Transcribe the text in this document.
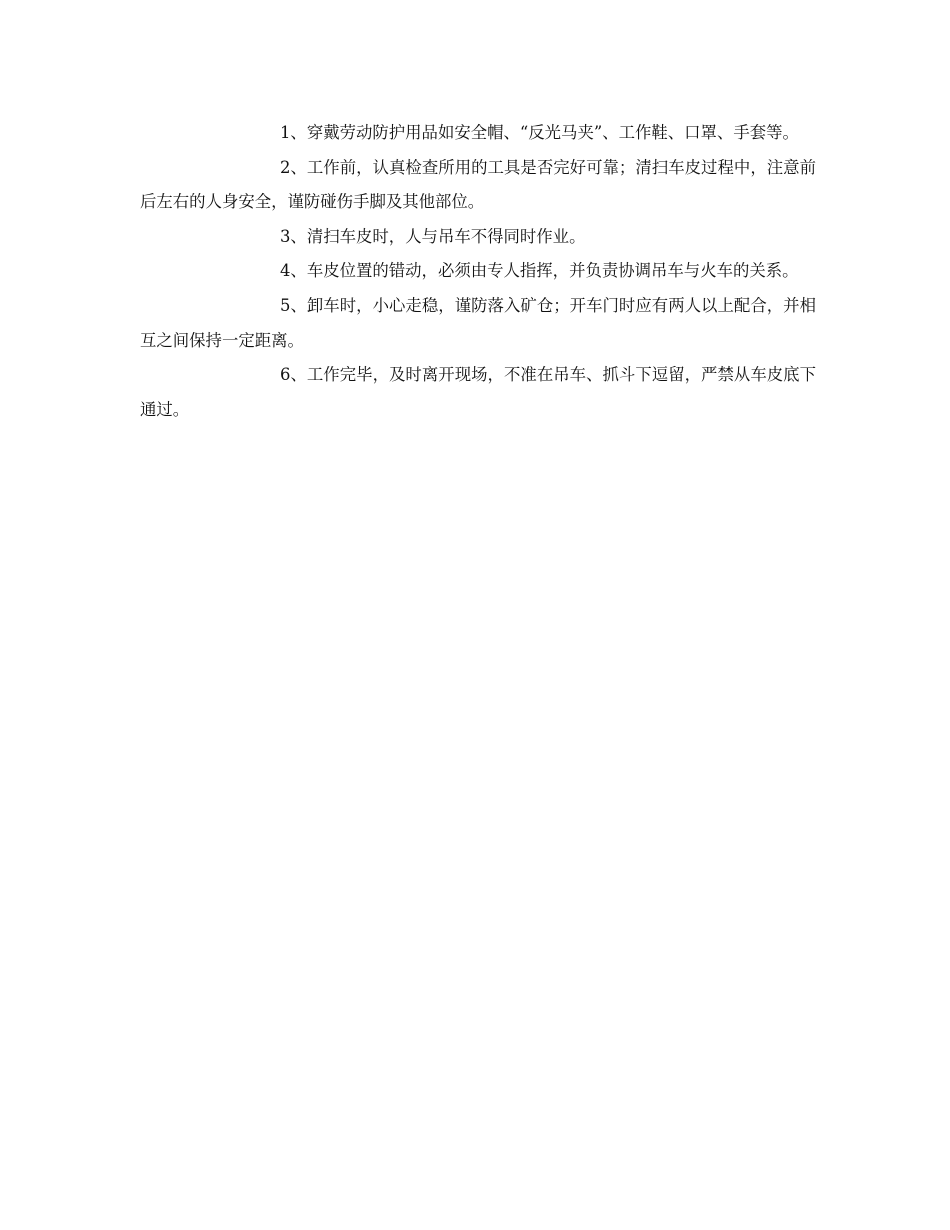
1、穿戴劳动防护用品如安全帽、“反光马夹”、工作鞋、口罩、手套等。

2、工作前，认真检查所用的工具是否完好可靠；清扫车皮过程中，注意前后左右的人身安全，谨防碰伤手脚及其他部位。

3、清扫车皮时，人与吊车不得同时作业。

4、车皮位置的错动，必须由专人指挥，并负责协调吊车与火车的关系。

5、卸车时，小心走稳，谨防落入矿仓；开车门时应有两人以上配合，并相互之间保持一定距离。

6、工作完毕，及时离开现场，不准在吊车、抓斗下逗留，严禁从车皮底下通过。
